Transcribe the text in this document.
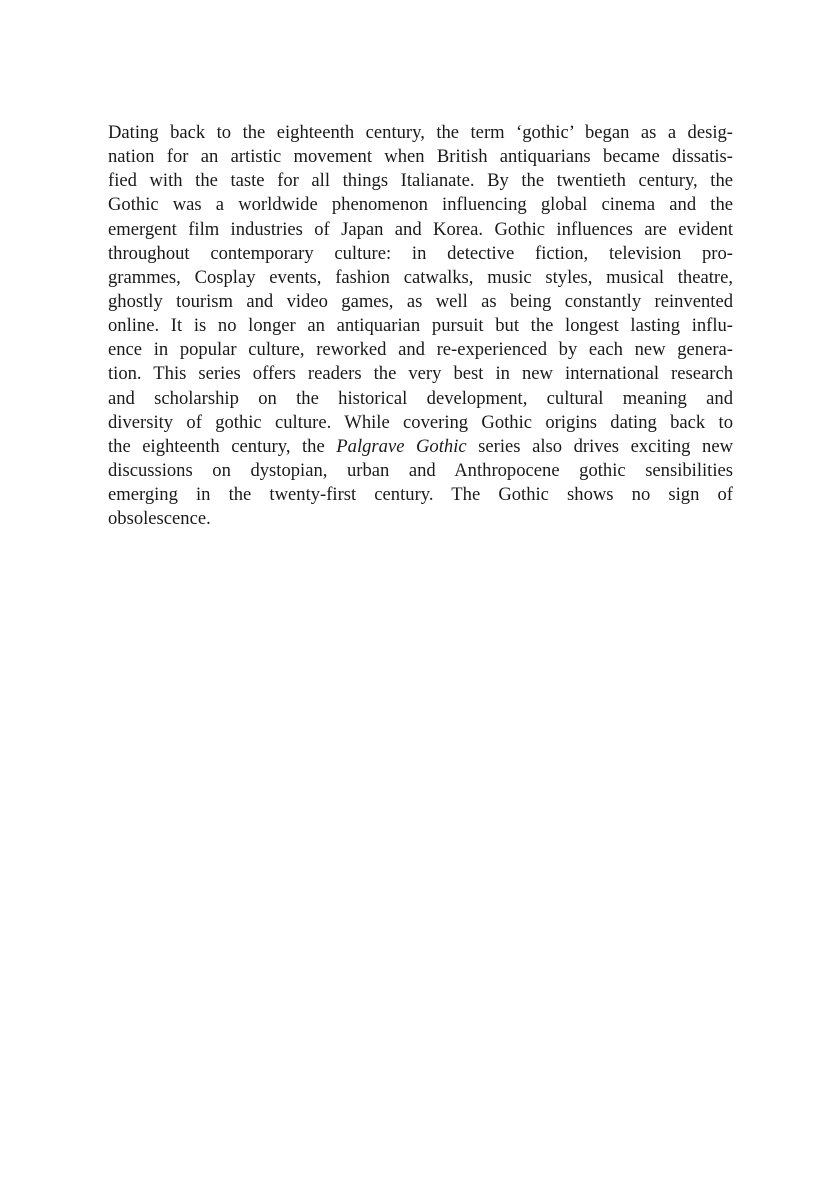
Dating back to the eighteenth century, the term ‘gothic’ began as a desig-
nation for an artistic movement when British antiquarians became dissatis-
fied with the taste for all things Italianate. By the twentieth century, the
Gothic was a worldwide phenomenon influencing global cinema and the
emergent film industries of Japan and Korea. Gothic influences are evident
throughout contemporary culture: in detective fiction, television pro-
grammes, Cosplay events, fashion catwalks, music styles, musical theatre,
ghostly tourism and video games, as well as being constantly reinvented
online. It is no longer an antiquarian pursuit but the longest lasting influ-
ence in popular culture, reworked and re-experienced by each new genera-
tion. This series offers readers the very best in new international research
and scholarship on the historical development, cultural meaning and
diversity of gothic culture. While covering Gothic origins dating back to
the eighteenth century, the Palgrave Gothic series also drives exciting new
discussions on dystopian, urban and Anthropocene gothic sensibilities
emerging in the twenty-first century. The Gothic shows no sign of
obsolescence.
